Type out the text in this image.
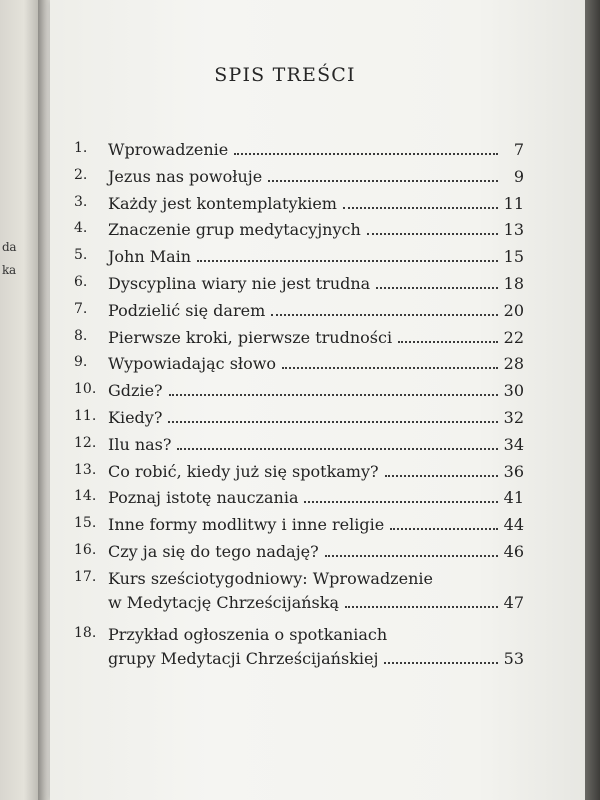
da
ka
SPIS TREŚCI
1.	Wprowadzenie	7
2.	Jezus nas powołuje	9
3.	Każdy jest kontemplatykiem	11
4.	Znaczenie grup medytacyjnych	13
5.	John Main	15
6.	Dyscyplina wiary nie jest trudna	18
7.	Podzielić się darem	20
8.	Pierwsze kroki, pierwsze trudności	22
9.	Wypowiadając słowo	28
10. Gdzie?	30
11. Kiedy?	32
12. Ilu nas?	34
13. Co robić, kiedy już się spotkamy?	36
14. Poznaj istotę nauczania	41
15. Inne formy modlitwy i inne religie	44
16. Czy ja się do tego nadaję?	46
17. Kurs sześciotygodniowy: Wprowadzenie
w Medytację Chrześcijańską	47
18. Przykład ogłoszenia o spotkaniach
grupy Medytacji Chrześcijańskiej	53
